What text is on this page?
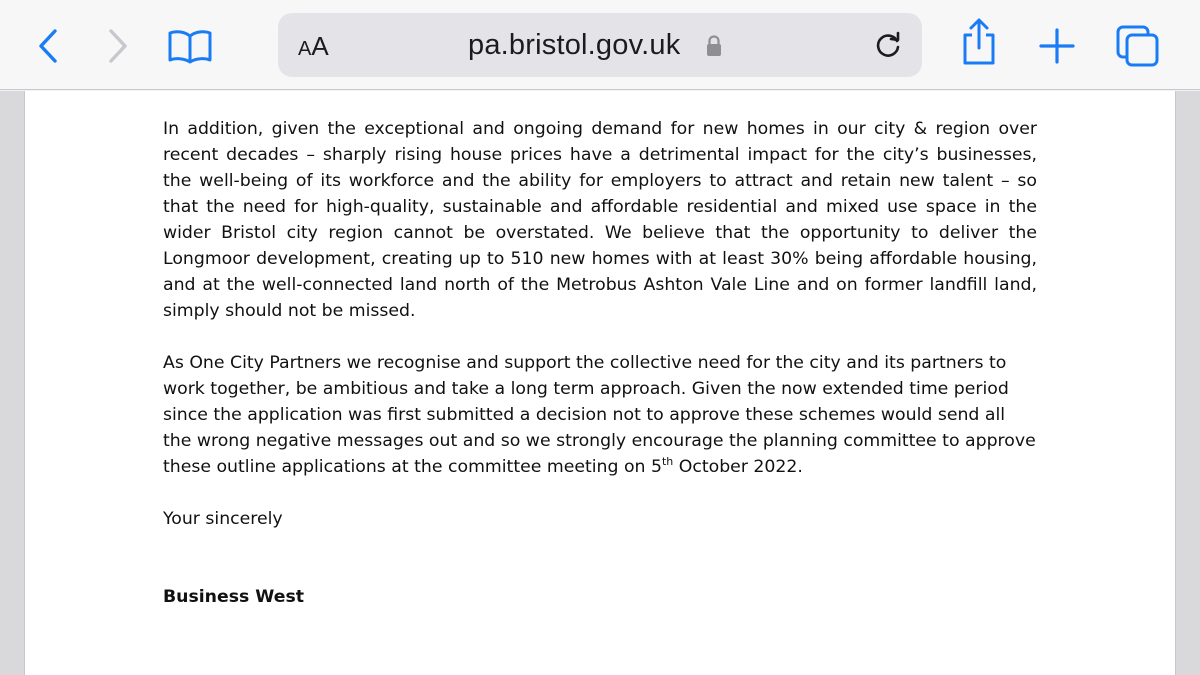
A A	pa.bristol.gov.uk

In addition, given the exceptional and ongoing demand for new homes in our city & region over recent decades – sharply rising house prices have a detrimental impact for the city’s businesses, the well-being of its workforce and the ability for employers to attract and retain new talent – so that the need for high-quality, sustainable and affordable residential and mixed use space in the wider Bristol city region cannot be overstated. We believe that the opportunity to deliver the Longmoor development, creating up to 510 new homes with at least 30% being affordable housing, and at the well-connected land north of the Metrobus Ashton Vale Line and on former landfill land, simply should not be missed.

As One City Partners we recognise and support the collective need for the city and its partners to work together, be ambitious and take a long term approach. Given the now extended time period since the application was first submitted a decision not to approve these schemes would send all the wrong negative messages out and so we strongly encourage the planning committee to approve these outline applications at the committee meeting on 5th October 2022.

Your sincerely

Business West
